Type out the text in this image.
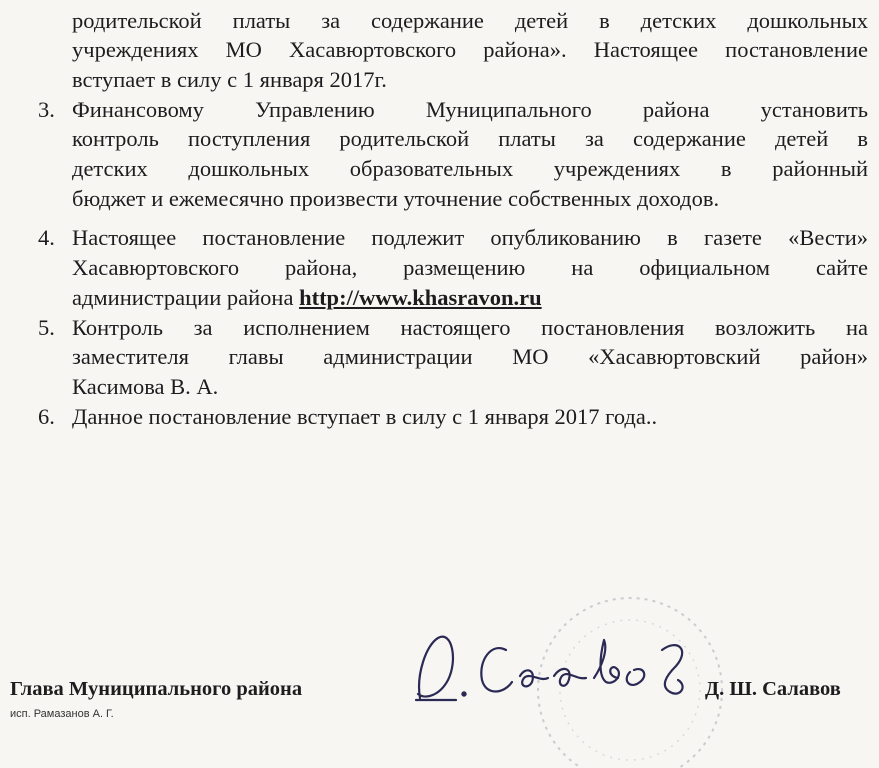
родительской платы за содержание детей в детских дошкольных
учреждениях МО Хасавюртовского района». Настоящее постановление
вступает в силу с 1 января 2017г.
3. Финансовому Управлению Муниципального района установить
контроль поступления родительской платы за содержание детей в
детских дошкольных образовательных учреждениях в районный
бюджет и ежемесячно произвести уточнение собственных доходов.
4. Настоящее постановление подлежит опубликованию в газете «Вести»
Хасавюртовского района, размещению на официальном сайте
администрации района http://www.khasravon.ru
5. Контроль за исполнением настоящего постановления возложить на
заместителя главы администрации МО «Хасавюртовский район»
Касимова В. А.
6. Данное постановление вступает в силу с 1 января 2017 года..
Глава Муниципального района	Д. Ш. Салавов
исп. Рамазанов А. Г.
